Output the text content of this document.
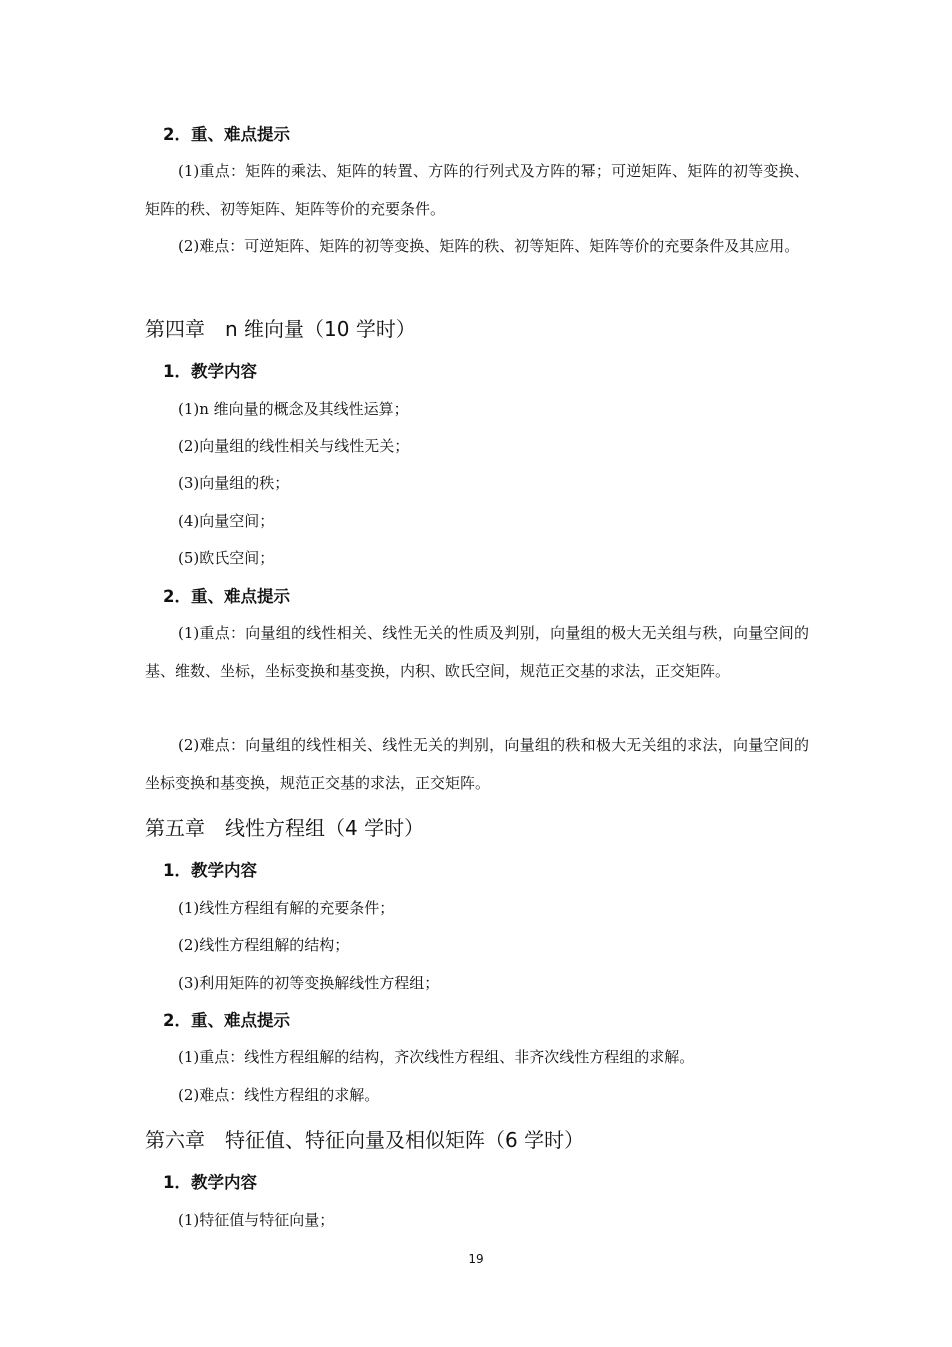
2．重、难点提示
(1)重点：矩阵的乘法、矩阵的转置、方阵的行列式及方阵的幂；可逆矩阵、矩阵的初等变换、矩阵的秩、初等矩阵、矩阵等价的充要条件。
(2)难点：可逆矩阵、矩阵的初等变换、矩阵的秩、初等矩阵、矩阵等价的充要条件及其应用。
第四章　n 维向量（10 学时）
1．教学内容
(1)n 维向量的概念及其线性运算；
(2)向量组的线性相关与线性无关；
(3)向量组的秩；
(4)向量空间；
(5)欧氏空间；
2．重、难点提示
(1)重点：向量组的线性相关、线性无关的性质及判别，向量组的极大无关组与秩，向量空间的基、维数、坐标，坐标变换和基变换，内积、欧氏空间，规范正交基的求法，正交矩阵。
(2)难点：向量组的线性相关、线性无关的判别，向量组的秩和极大无关组的求法，向量空间的坐标变换和基变换，规范正交基的求法，正交矩阵。
第五章　线性方程组（4 学时）
1．教学内容
(1)线性方程组有解的充要条件；
(2)线性方程组解的结构；
(3)利用矩阵的初等变换解线性方程组；
2．重、难点提示
(1)重点：线性方程组解的结构，齐次线性方程组、非齐次线性方程组的求解。
(2)难点：线性方程组的求解。
第六章　特征值、特征向量及相似矩阵（6 学时）
1．教学内容
(1)特征值与特征向量；
19
